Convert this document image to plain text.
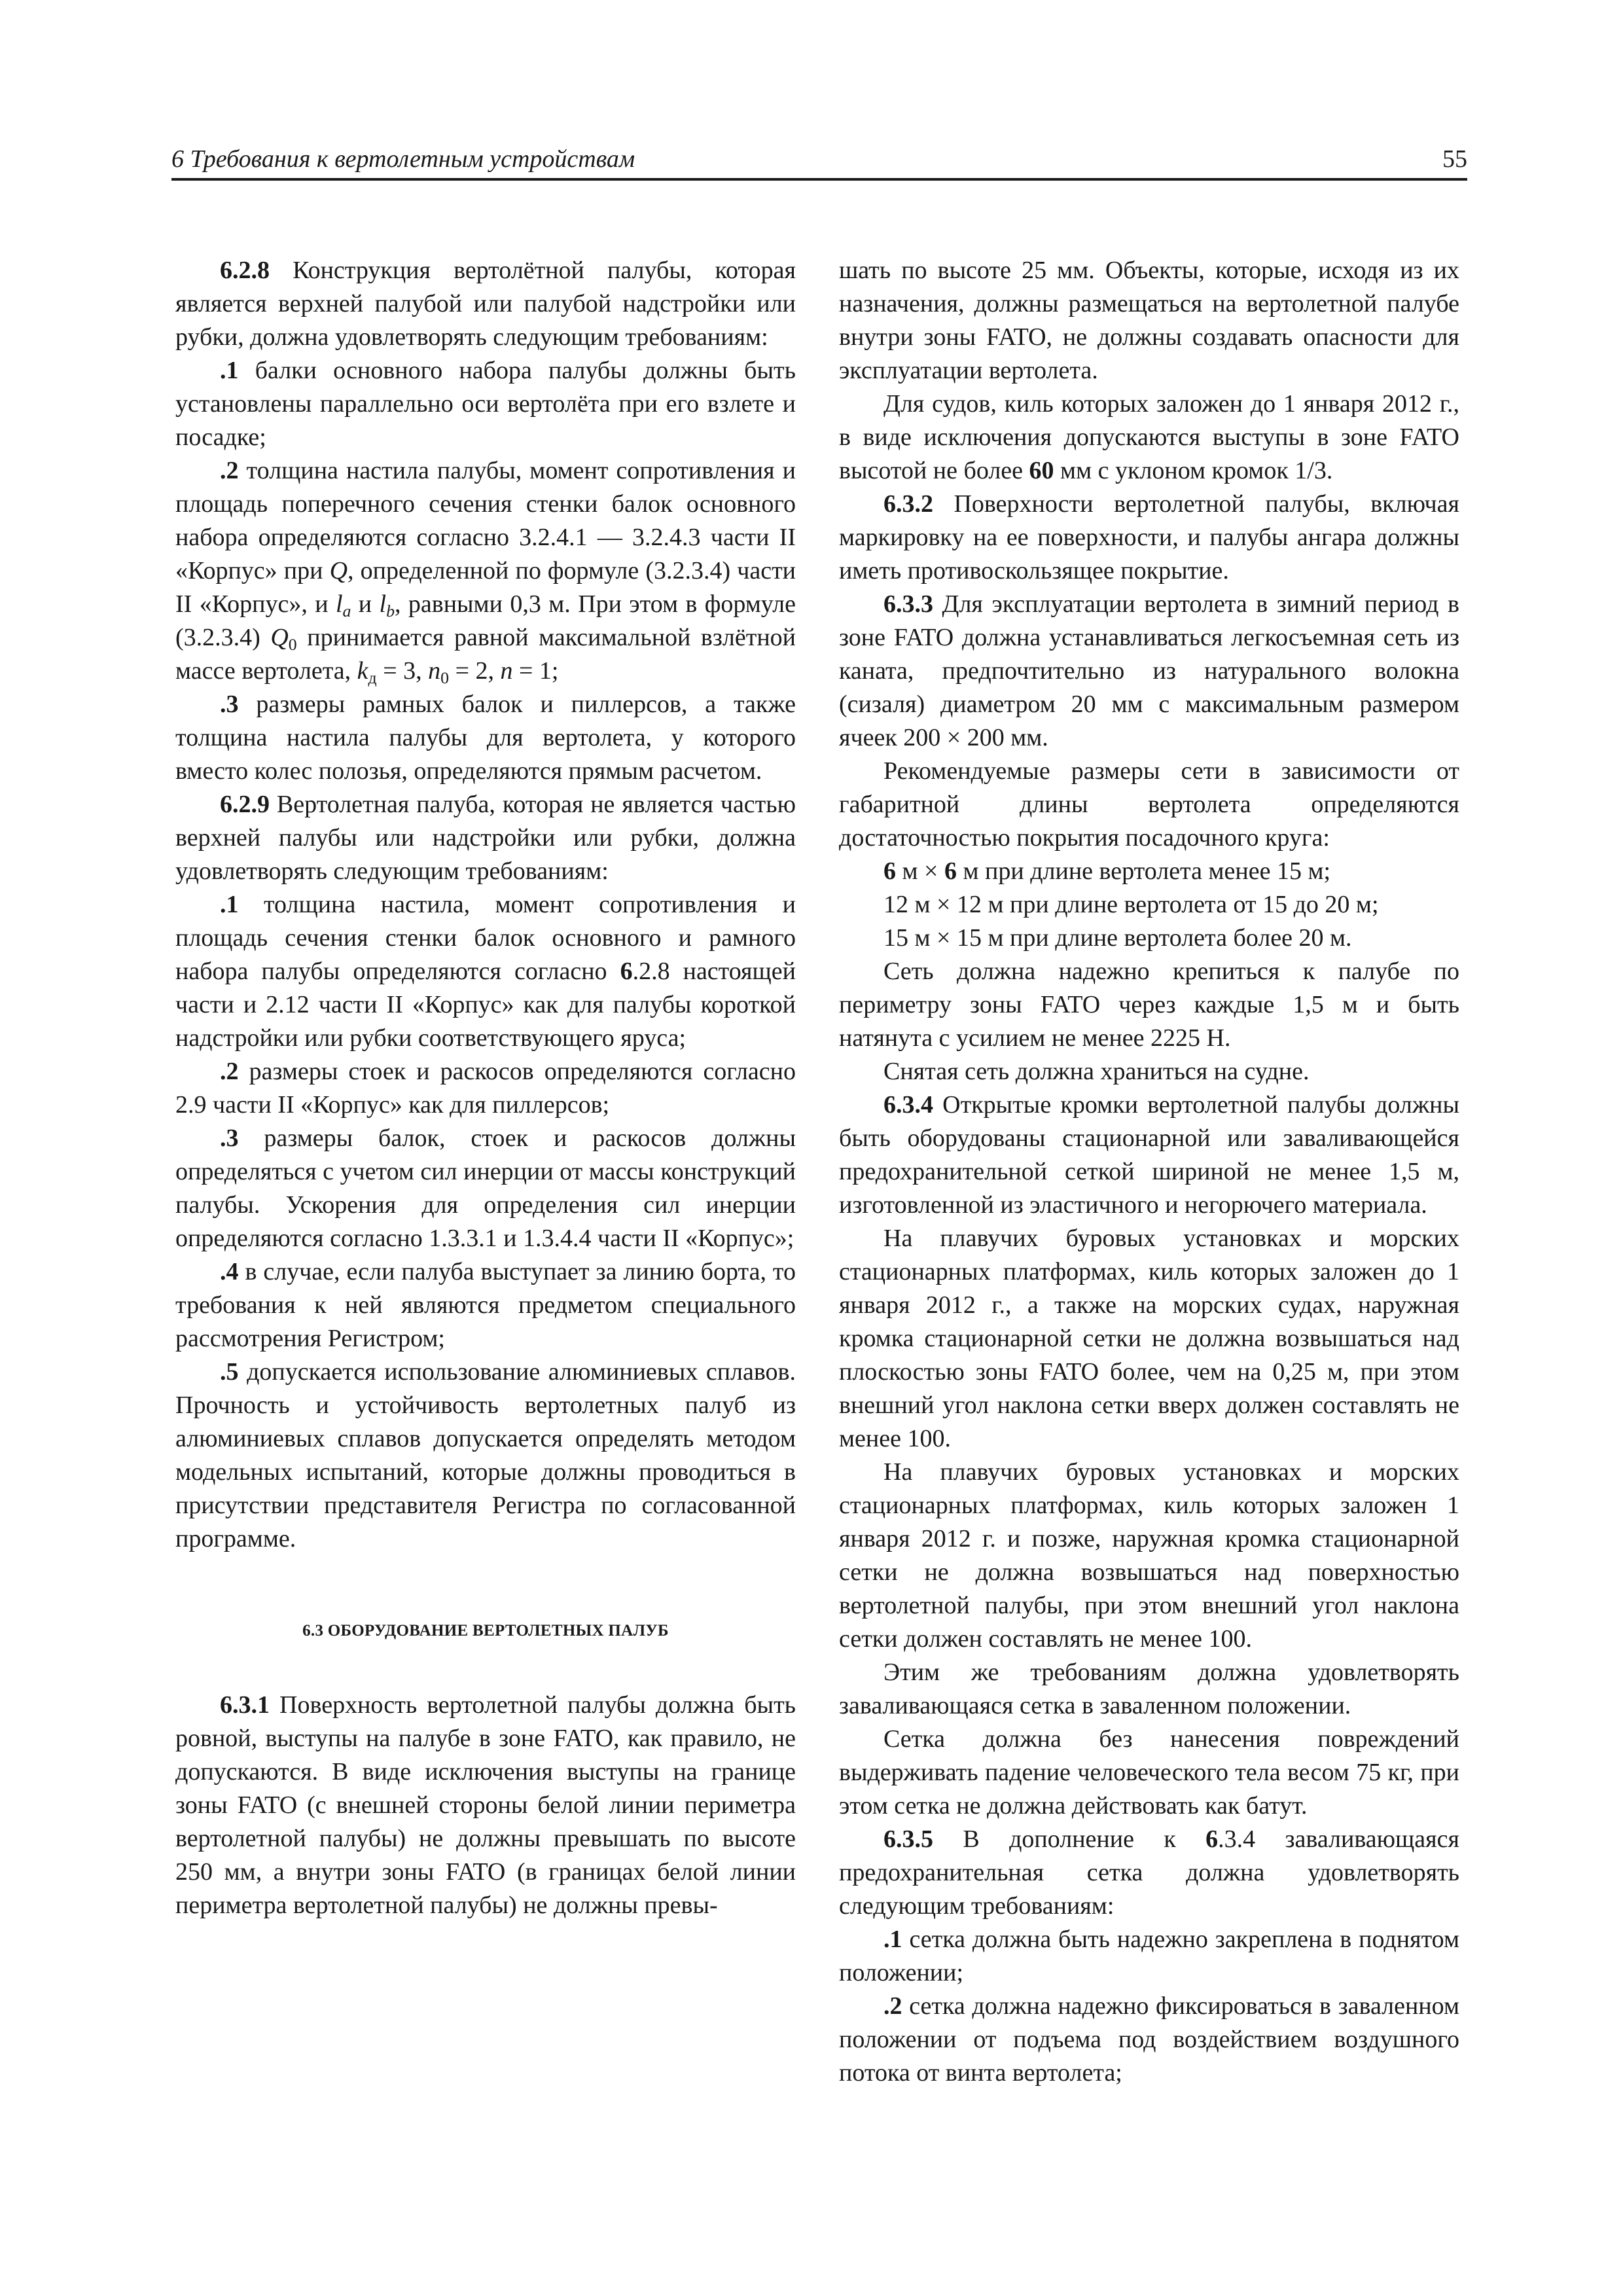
6 Требования к вертолетным устройствам	55

6.2.8 Конструкция вертолётной палубы, которая является верхней палубой или палубой надстройки или рубки, должна удовлетворять следующим требованиям:

.1 балки основного набора палубы должны быть установлены параллельно оси вертолёта при его взлете и посадке;

.2 толщина настила палубы, момент сопротивления и площадь поперечного сечения стенки балок основного набора определяются согласно 3.2.4.1 — 3.2.4.3 части II «Корпус» при Q, определенной по формуле (3.2.3.4) части II «Корпус», и $l_a$ и $l_b$, равными 0,3 м. При этом в формуле (3.2.3.4) $Q_0$ принимается равной максимальной взлётной массе вертолета, $k_д = 3$, $n_0 = 2$, n = 1;

.3 размеры рамных балок и пиллерсов, а также толщина настила палубы для вертолета, у которого вместо колес полозья, определяются прямым расчетом.

6.2.9 Вертолетная палуба, которая не является частью верхней палубы или надстройки или рубки, должна удовлетворять следующим требованиям:

.1 толщина настила, момент сопротивления и площадь сечения стенки балок основного и рамного набора палубы определяются согласно 6.2.8 настоящей части и 2.12 части II «Корпус» как для палубы короткой надстройки или рубки соответствующего яруса;

.2 размеры стоек и раскосов определяются согласно 2.9 части II «Корпус» как для пиллерсов;

.3 размеры балок, стоек и раскосов должны определяться с учетом сил инерции от массы конструкций палубы. Ускорения для определения сил инерции определяются согласно 1.3.3.1 и 1.3.4.4 части II «Корпус»;

.4 в случае, если палуба выступает за линию борта, то требования к ней являются предметом специального рассмотрения Регистром;

.5 допускается использование алюминиевых сплавов. Прочность и устойчивость вертолетных палуб из алюминиевых сплавов допускается определять методом модельных испытаний, которые должны проводиться в присутствии представителя Регистра по согласованной программе.

6.3 ОБОРУДОВАНИЕ ВЕРТОЛЕТНЫХ ПАЛУБ

6.3.1 Поверхность вертолетной палубы должна быть ровной, выступы на палубе в зоне FATO, как правило, не допускаются. В виде исключения выступы на границе зоны FATO (с внешней стороны белой линии периметра вертолетной палубы) не должны превышать по высоте 250 мм, а внутри зоны FATO (в границах белой линии периметра вертолетной палубы) не должны превы-

шать по высоте 25 мм. Объекты, которые, исходя из их назначения, должны размещаться на вертолетной палубе внутри зоны FATO, не должны создавать опасности для эксплуатации вертолета.

Для судов, киль которых заложен до 1 января 2012 г., в виде исключения допускаются выступы в зоне FATO высотой не более 60 мм с уклоном кромок 1/3.

6.3.2 Поверхности вертолетной палубы, включая маркировку на ее поверхности, и палубы ангара должны иметь противоскользящее покрытие.

6.3.3 Для эксплуатации вертолета в зимний период в зоне FATO должна устанавливаться легкосъемная сеть из каната, предпочтительно из натурального волокна (сизаля) диаметром 20 мм с максимальным размером ячеек 200 × 200 мм.

Рекомендуемые размеры сети в зависимости от габаритной длины вертолета определяются достаточностью покрытия посадочного круга:

6 м × 6 м при длине вертолета менее 15 м;

12 м × 12 м при длине вертолета от 15 до 20 м;

15 м × 15 м при длине вертолета более 20 м.

Сеть должна надежно крепиться к палубе по периметру зоны FATO через каждые 1,5 м и быть натянута с усилием не менее 2225 Н.

Снятая сеть должна храниться на судне.

6.3.4 Открытые кромки вертолетной палубы должны быть оборудованы стационарной или заваливающейся предохранительной сеткой шириной не менее 1,5 м, изготовленной из эластичного и негорючего материала.

На плавучих буровых установках и морских стационарных платформах, киль которых заложен до 1 января 2012 г., а также на морских судах, наружная кромка стационарной сетки не должна возвышаться над плоскостью зоны FATO более, чем на 0,25 м, при этом внешний угол наклона сетки вверх должен составлять не менее 100.

На плавучих буровых установках и морских стационарных платформах, киль которых заложен 1 января 2012 г. и позже, наружная кромка стационарной сетки не должна возвышаться над поверхностью вертолетной палубы, при этом внешний угол наклона сетки должен составлять не менее 100.

Этим же требованиям должна удовлетворять заваливающаяся сетка в заваленном положении.

Сетка должна без нанесения повреждений выдерживать падение человеческого тела весом 75 кг, при этом сетка не должна действовать как батут.

6.3.5 В дополнение к 6.3.4 заваливающаяся предохранительная сетка должна удовлетворять следующим требованиям:

.1 сетка должна быть надежно закреплена в поднятом положении;

.2 сетка должна надежно фиксироваться в заваленном положении от подъема под воздействием воздушного потока от винта вертолета;
